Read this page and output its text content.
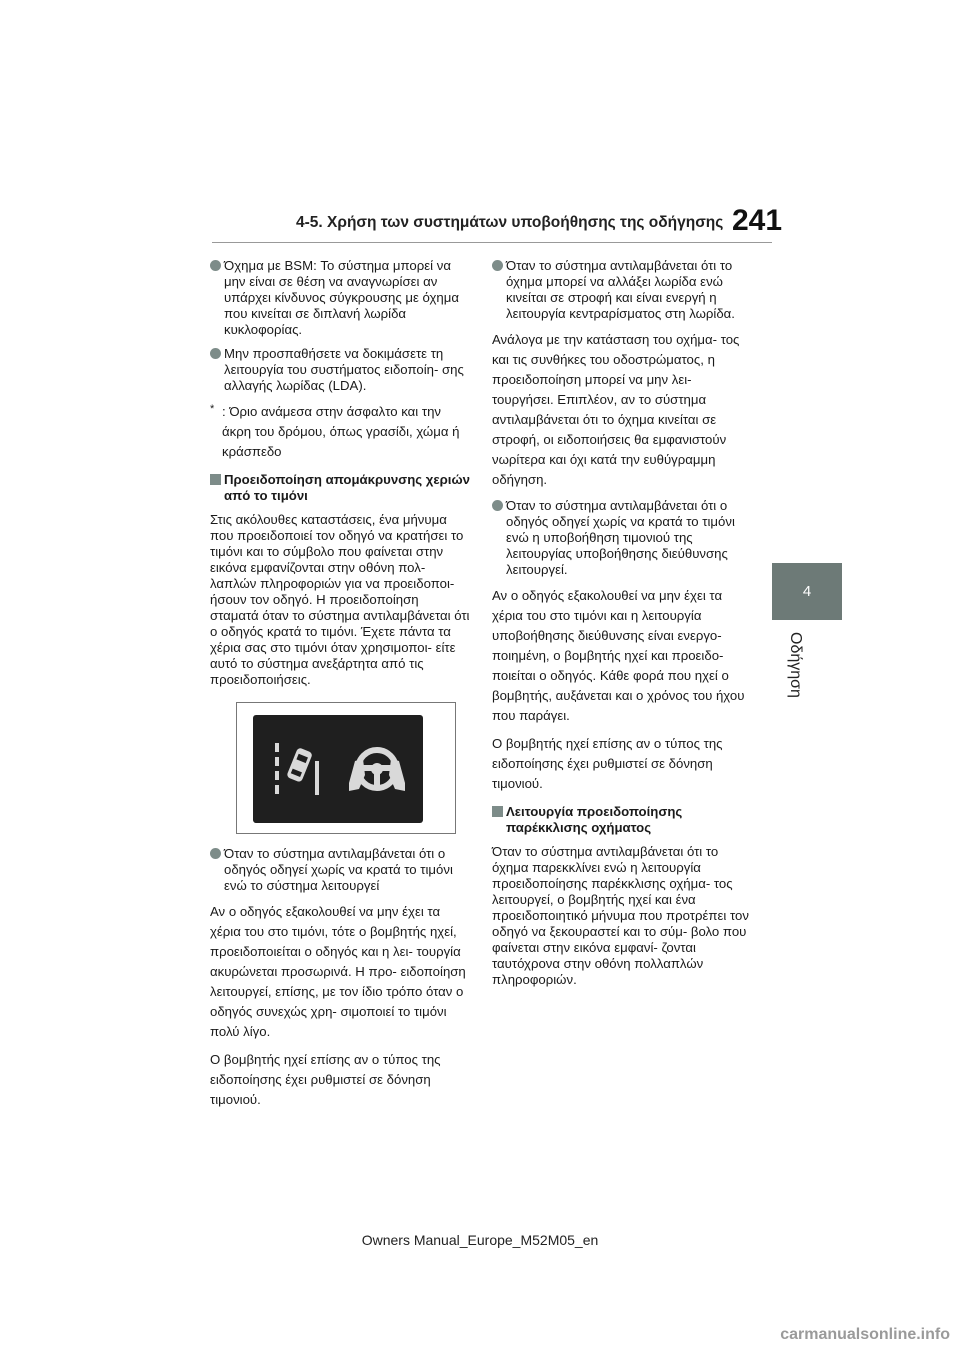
4-5. Χρήση των συστημάτων υποβοήθησης της οδήγησης 241
4
Οδήγηση
Όχημα με BSM: Το σύστημα μπορεί να μην είναι σε θέση να αναγνωρίσει αν υπάρχει κίνδυνος σύγκρουσης με όχημα που κινείται σε διπλανή λωρίδα κυκλοφορίας.
Μην προσπαθήσετε να δοκιμάσετε τη λειτουργία του συστήματος ειδοποίη- σης αλλαγής λωρίδας (LDA).
* : Όριο ανάμεσα στην άσφαλτο και την άκρη του δρόμου, όπως γρασίδι, χώμα ή κράσπεδο
Προειδοποίηση απομάκρυνσης χεριών από το τιμόνι
Στις ακόλουθες καταστάσεις, ένα μήνυμα που προειδοποιεί τον οδηγό να κρατήσει το τιμόνι και το σύμβολο που φαίνεται στην εικόνα εμφανίζονται στην οθόνη πολ- λαπλών πληροφοριών για να προειδοποι- ήσουν τον οδηγό. Η προειδοποίηση σταματά όταν το σύστημα αντιλαμβάνεται ότι ο οδηγός κρατά το τιμόνι. Έχετε πάντα τα χέρια σας στο τιμόνι όταν χρησιμοποι- είτε αυτό το σύστημα ανεξάρτητα από τις προειδοποιήσεις.
Όταν το σύστημα αντιλαμβάνεται ότι ο οδηγός οδηγεί χωρίς να κρατά το τιμόνι ενώ το σύστημα λειτουργεί
Αν ο οδηγός εξακολουθεί να μην έχει τα χέρια του στο τιμόνι, τότε ο βομβητής ηχεί, προειδοποιείται ο οδηγός και η λει- τουργία ακυρώνεται προσωρινά. Η προ- ειδοποίηση λειτουργεί, επίσης, με τον ίδιο τρόπο όταν ο οδηγός συνεχώς χρη- σιμοποιεί το τιμόνι πολύ λίγο.
Ο βομβητής ηχεί επίσης αν ο τύπος της ειδοποίησης έχει ρυθμιστεί σε δόνηση τιμονιού.
Όταν το σύστημα αντιλαμβάνεται ότι το όχημα μπορεί να αλλάξει λωρίδα ενώ κινείται σε στροφή και είναι ενεργή η λειτουργία κεντραρίσματος στη λωρίδα.
Ανάλογα με την κατάσταση του οχήμα- τος και τις συνθήκες του οδοστρώματος, η προειδοποίηση μπορεί να μην λει- τουργήσει. Επιπλέον, αν το σύστημα αντιλαμβάνεται ότι το όχημα κινείται σε στροφή, οι ειδοποιήσεις θα εμφανιστούν νωρίτερα και όχι κατά την ευθύγραμμη οδήγηση.
Όταν το σύστημα αντιλαμβάνεται ότι ο οδηγός οδηγεί χωρίς να κρατά το τιμόνι ενώ η υποβοήθηση τιμονιού της λειτουργίας υποβοήθησης διεύθυνσης λειτουργεί.
Αν ο οδηγός εξακολουθεί να μην έχει τα χέρια του στο τιμόνι και η λειτουργία υποβοήθησης διεύθυνσης είναι ενεργο- ποιημένη, ο βομβητής ηχεί και προειδο- ποιείται ο οδηγός. Κάθε φορά που ηχεί ο βομβητής, αυξάνεται και ο χρόνος του ήχου που παράγει.
Ο βομβητής ηχεί επίσης αν ο τύπος της ειδοποίησης έχει ρυθμιστεί σε δόνηση τιμονιού.
Λειτουργία προειδοποίησης παρέκκλισης οχήματος
Όταν το σύστημα αντιλαμβάνεται ότι το όχημα παρεκκλίνει ενώ η λειτουργία προειδοποίησης παρέκκλισης οχήμα- τος λειτουργεί, ο βομβητής ηχεί και ένα προειδοποιητικό μήνυμα που προτρέπει τον οδηγό να ξεκουραστεί και το σύμ- βολο που φαίνεται στην εικόνα εμφανί- ζονται ταυτόχρονα στην οθόνη πολλαπλών πληροφοριών.
Owners Manual_Europe_M52M05_en
carmanualsonline.info
